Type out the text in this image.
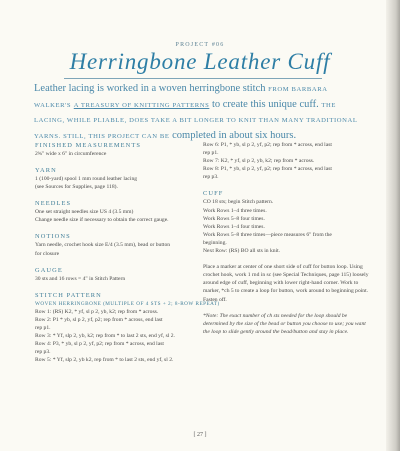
PROJECT #06
Herringbone Leather Cuff

Leather lacing is worked in a woven herringbone stitch FROM BARBARA WALKER'S A TREASURY OF KNITTING PATTERNS to create this unique cuff. THE LACING, WHILE PLIABLE, DOES TAKE A BIT LONGER TO KNIT THAN MANY TRADITIONAL YARNS. STILL, THIS PROJECT CAN BE completed in about six hours.

FINISHED MEASUREMENTS
2¾" wide x 6" in circumference
YARN
1 (100-yard) spool 1 mm round leather lacing
(see Sources for Supplies, page 118).
NEEDLES
One set straight needles size US 4 (3.5 mm)
Change needle size if necessary to obtain the correct gauge.
NOTIONS
Yarn needle, crochet hook size E/4 (3.5 mm), bead or button
for closure
GAUGE
30 sts and 16 rows = 4" in Stitch Pattern
STITCH PATTERN
WOVEN HERRINGBONE (MULTIPLE OF 4 STS + 2; 8-ROW REPEAT)
Row 1: (RS) K2, * yf, sl p 2, yb, k2; rep from * across.
Row 2: P1 * yb, sl p 2, yf, p2; rep from * across, end last
rep p1.
Row 3: * Yf, slp 2, yb, k2; rep from * to last 2 sts, end yf, sl 2.
Row 4: P3, * yb, sl p 2, yf, p2; rep from * across, end last
rep p3.
Row 5: * Yf, slp 2, yb k2, rep from * to last 2 sts, end yf, sl 2.
Row 6: P1, * yb, sl p 2, yf, p2; rep from * across, end last
rep p1.
Row 7: K2, * yf, sl p 2, yb, k2; rep from * across.
Row 8: P1, * yb, sl p 2, yf, p2; rep from * across, end last
rep p3.
CUFF
CO 18 sts; begin Stitch pattern.
Work Rows 1–4 three times.
Work Rows 5–8 four times.
Work Rows 1–4 four times.
Work Rows 5–8 three times—piece measures 6" from the
beginning.
Next Row: (RS) BO all sts in knit.
Place a marker at center of one short side of cuff for button loop. Using crochet hook, work 1 rnd in sc (see Special Techniques, page 115) loosely around edge of cuff, beginning with lower right-hand corner. Work to marker, *ch 5 to create a loop for button, work around to beginning point. Fasten off.
*Note: The exact number of ch sts needed for the loop should be determined by the size of the bead or button you choose to use; you want the loop to slide gently around the bead/button and stay in place.
[ 27 ]
